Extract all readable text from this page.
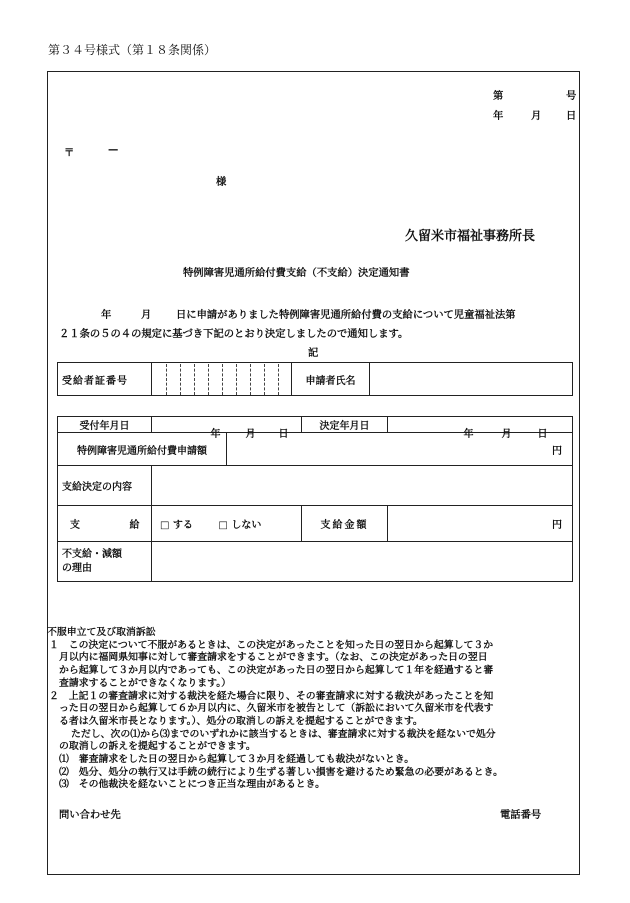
第３４号様式（第１８条関係）
第	号
年	月 日
〒	—
様
久留米市福祉事務所長
特例障害児通所給付費支給（不支給）決定通知書
年	月 日に申請がありました特例障害児通所給付費の支給について児童福祉法第
２１条の５の４の規定に基づき下記のとおり決定しましたので通知します。
記
受給者証番号		申請者氏名	
受付年月日	年 月 日		決定年月日	年 月 日

特例障害児通所給付費申請額		円		
支給決定の内容				
支 給	□ する □ しない		支給金額	円

不支給・減額
の理由				

不服申立て及び取消訴訟
１　この決定について不服があるときは、この決定があったことを知った日の翌日から起算して３か
月以内に福岡県知事に対して審査請求をすることができます。（なお、この決定があった日の翌日
から起算して３か月以内であっても、この決定があった日の翌日から起算して１年を経過すると審
査請求することができなくなります。）
２　上記１の審査請求に対する裁決を経た場合に限り、その審査請求に対する裁決があったことを知
った日の翌日から起算して６か月以内に、久留米市を被告として（訴訟において久留米市を代表す
る者は久留米市長となります。）、処分の取消しの訴えを提起することができます。
ただし、次の⑴から⑶までのいずれかに該当するときは、審査請求に対する裁決を経ないで処分
の取消しの訴えを提起することができます。
⑴　審査請求をした日の翌日から起算して３か月を経過しても裁決がないとき。
⑵　処分、処分の執行又は手続の続行により生ずる著しい損害を避けるため緊急の必要があるとき。
⑶　その他裁決を経ないことにつき正当な理由があるとき。
問い合わせ先	電話番号
